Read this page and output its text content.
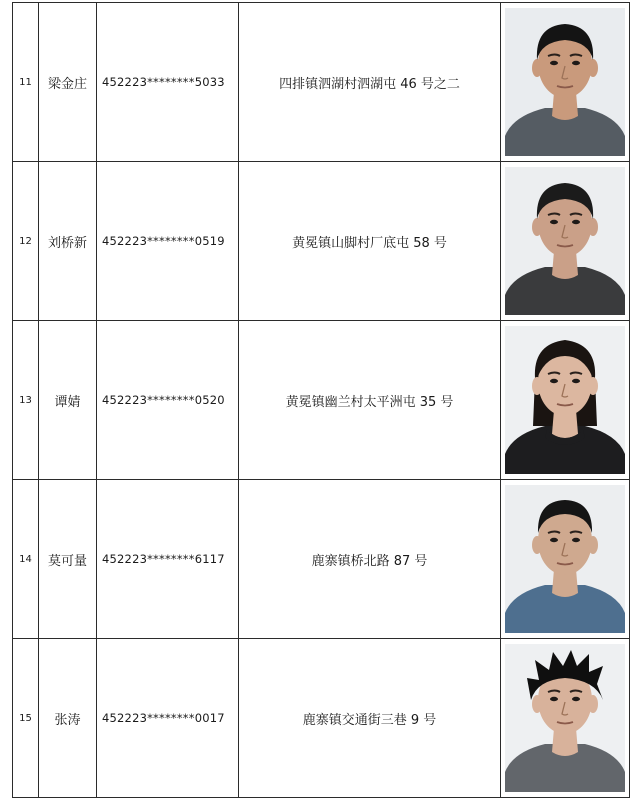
11	梁金庄	452223********5033	四排镇泗湖村泗湖屯 46 号之二	

12	刘桥新	452223********0519	黄冕镇山脚村厂底屯 58 号	

13	谭婧	452223********0520	黄冕镇幽兰村太平洲屯 35 号	

14	莫可量	452223********6117	鹿寨镇桥北路 87 号	

15	张涛	452223********0017	鹿寨镇交通街三巷 9 号	
